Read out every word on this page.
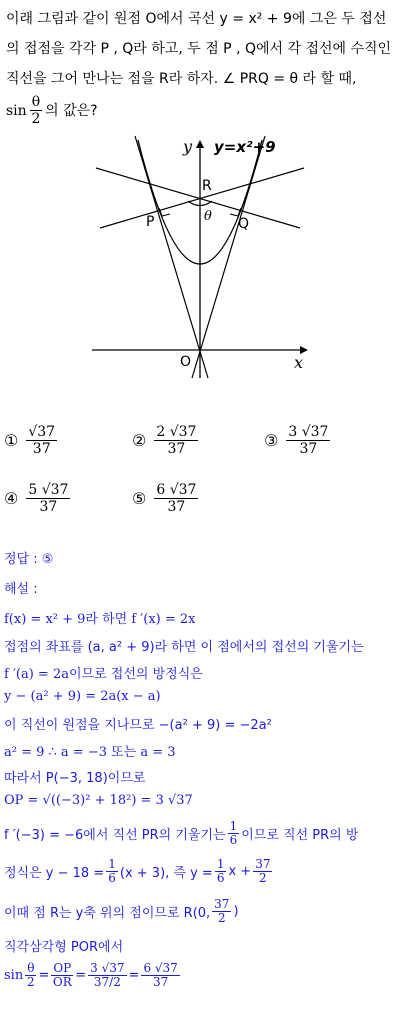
이래 그림과 같이 원점 O에서 곡선 y = x² + 9에 그은 두 접선
의 접점을 각각 P , Q라 하고, 두 점 P , Q에서 각 접선에 수직인
직선을 그어 만나는 점을 R라 하자. ∠ PRQ = θ 라 할 때,
$\sin \frac{\theta}{2}$ 의 값은?
y=x²+9
y
x
O
P	Q
R
θ
① $\frac{√37}{37}$	② $\frac{2 √37}{37}$	③ $\frac{3 √37}{37}$
④ $\frac{5 √37}{37}$	⑤ $\frac{6 √37}{37}$
정답 : ⑤
해설 :
f(x) = x² + 9라 하면 f ′(x) = 2x
접점의 좌표를 (a, a² + 9)라 하면 이 점에서의 접선의 기울기는
f ′(a) = 2a이므로 접선의 방정식은
y − (a² + 9) = 2a(x − a)
이 직선이 원점을 지나므로 −(a² + 9) = −2a²
a² = 9 ∴ a = −3 또는 a = 3
따라서 P(−3, 18)이므로
OP = √((−3)² + 18²) = 3 √37
f ′(−3) = −6에서 직선 PR의 기울기는
1
6 이므로 직선 PR의 방
정식은 $y - 18 = \frac{1}{6} (x + 3)$, 즉 $y = \frac{1}{6}$ $x + \frac{37}{2}$
이때 점 R는 y축 위의 점이므로 R(0,
37
2 )
직각삼각형 POR에서
$\sin \frac{\theta}{2} = \frac{OP}{OR} = \frac{3 √37}{37/2} = \frac{6 √37}{37}$
